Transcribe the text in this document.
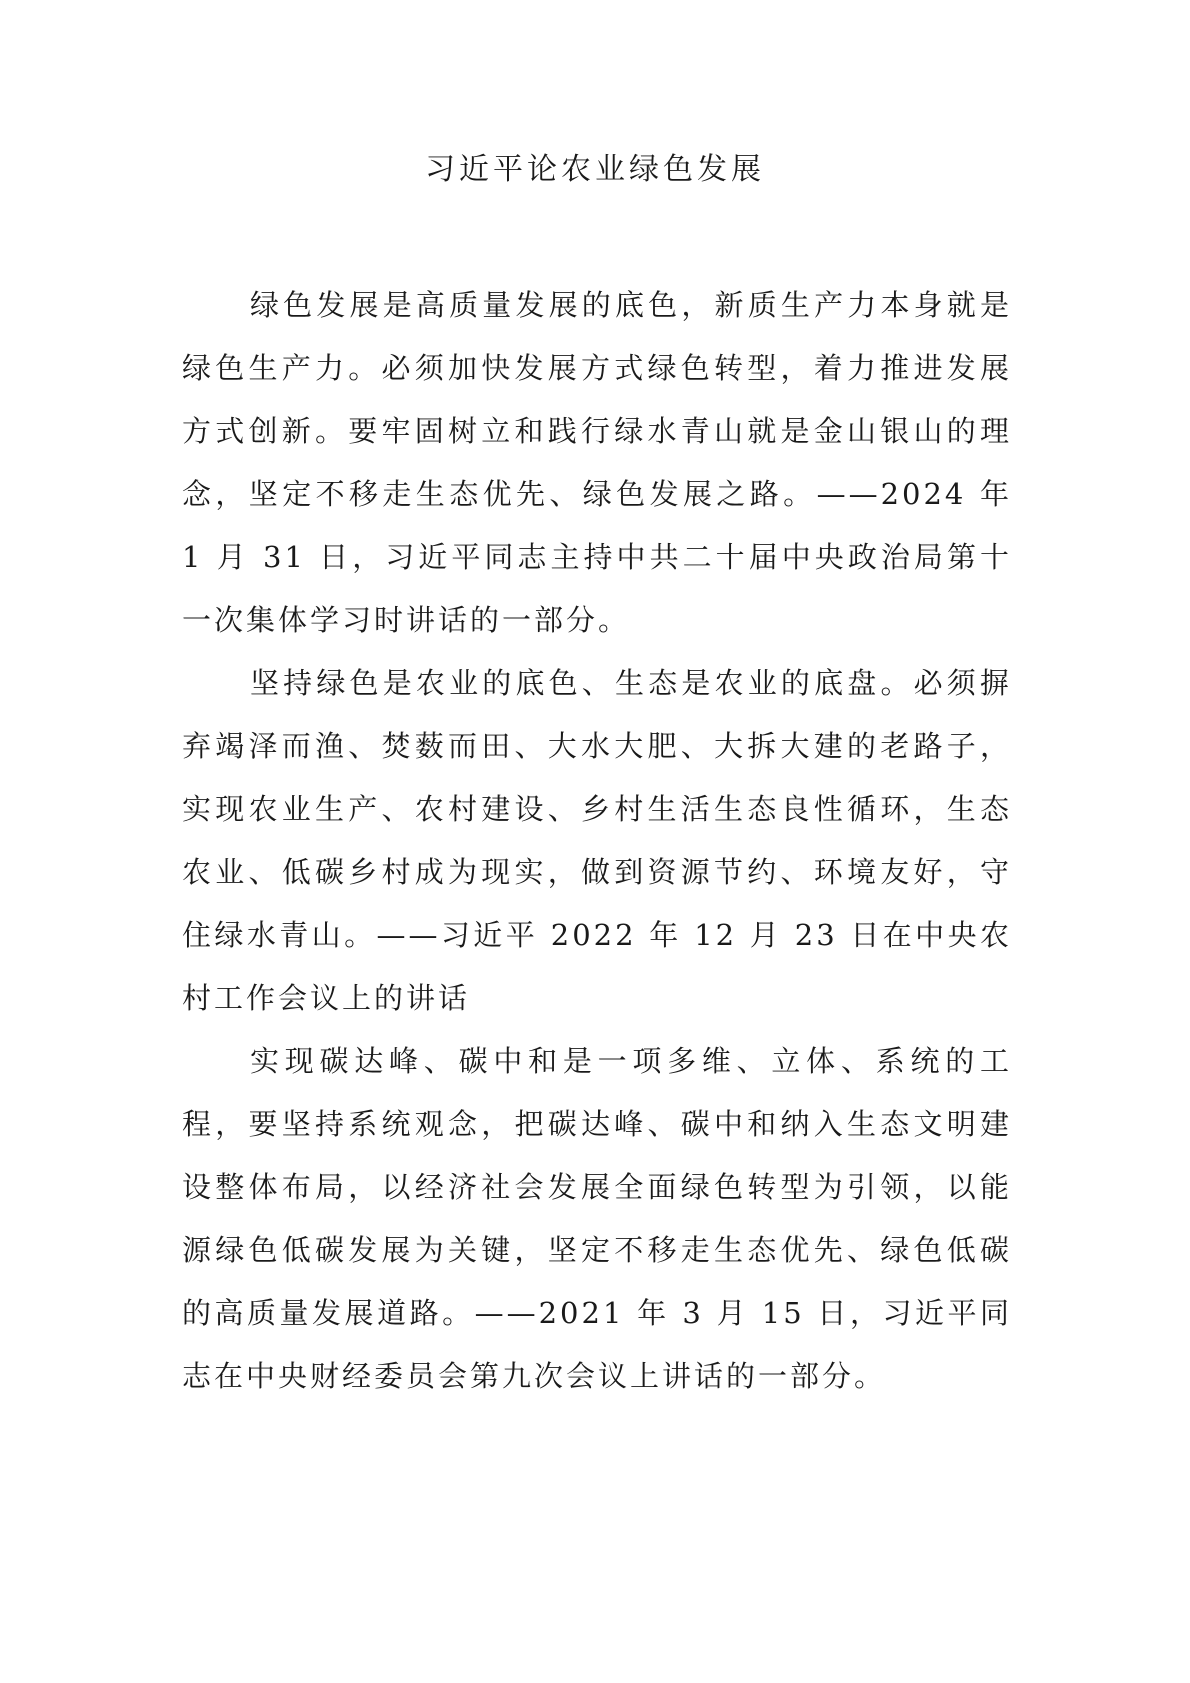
习近平论农业绿色发展

绿色发展是高质量发展的底色，新质生产力本身就是绿色生产力。必须加快发展方式绿色转型，着力推进发展方式创新。要牢固树立和践行绿水青山就是金山银山的理念，坚定不移走生态优先、绿色发展之路。——2024 年 1 月 31 日，习近平同志主持中共二十届中央政治局第十一次集体学习时讲话的一部分。

坚持绿色是农业的底色、生态是农业的底盘。必须摒弃竭泽而渔、焚薮而田、大水大肥、大拆大建的老路子，实现农业生产、农村建设、乡村生活生态良性循环，生态农业、低碳乡村成为现实，做到资源节约、环境友好，守住绿水青山。——习近平 2022 年 12 月 23 日在中央农村工作会议上的讲话

实现碳达峰、碳中和是一项多维、立体、系统的工程，要坚持系统观念，把碳达峰、碳中和纳入生态文明建设整体布局，以经济社会发展全面绿色转型为引领，以能源绿色低碳发展为关键，坚定不移走生态优先、绿色低碳的高质量发展道路。——2021 年 3 月 15 日，习近平同志在中央财经委员会第九次会议上讲话的一部分。
